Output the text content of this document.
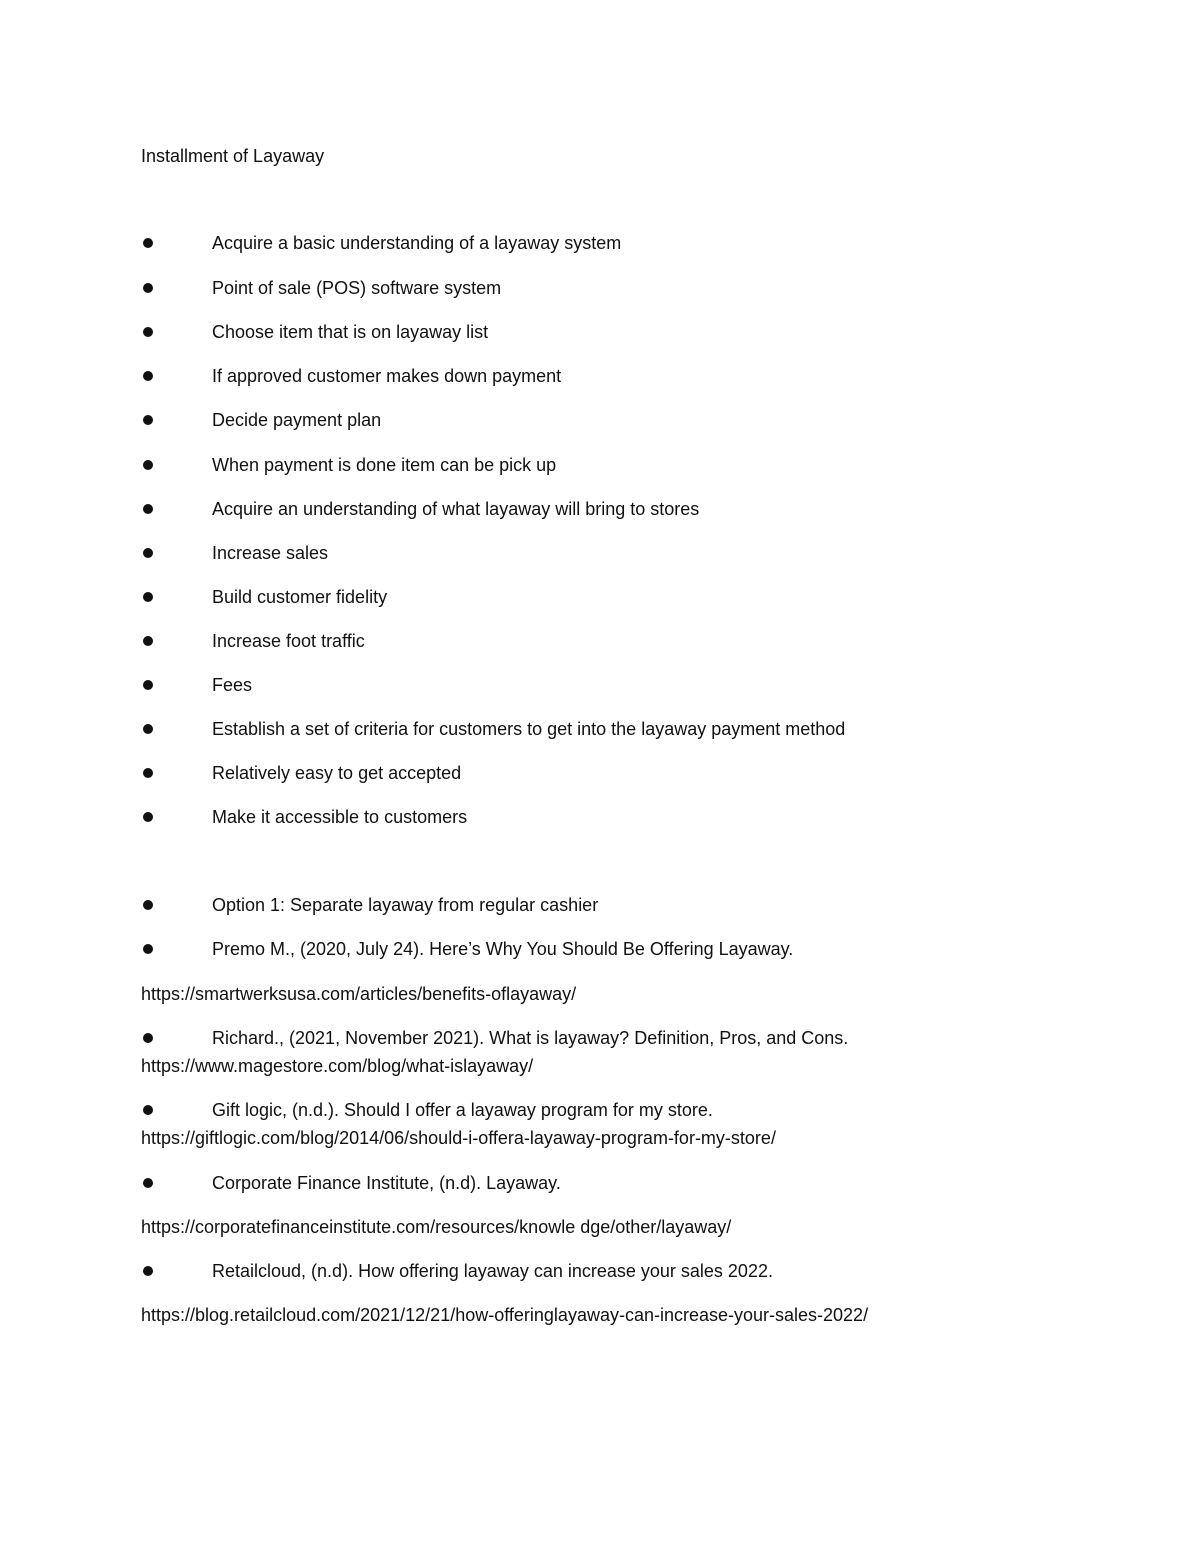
Installment of Layaway
Acquire a basic understanding of a layaway system
Point of sale (POS) software system
Choose item that is on layaway list
If approved customer makes down payment
Decide payment plan
When payment is done item can be pick up
Acquire an understanding of what layaway will bring to stores
Increase sales
Build customer fidelity
Increase foot traffic
Fees
Establish a set of criteria for customers to get into the layaway payment method
Relatively easy to get accepted
Make it accessible to customers
Option 1: Separate layaway from regular cashier
Premo M., (2020, July 24). Here’s Why You Should Be Offering Layaway.
https://smartwerksusa.com/articles/benefits-oflayaway/
Richard., (2021, November 2021). What is layaway? Definition, Pros, and Cons.
https://www.magestore.com/blog/what-islayaway/
Gift logic, (n.d.). Should I offer a layaway program for my store.
https://giftlogic.com/blog/2014/06/should-i-offera-layaway-program-for-my-store/
Corporate Finance Institute, (n.d). Layaway.
https://corporatefinanceinstitute.com/resources/knowle dge/other/layaway/
Retailcloud, (n.d). How offering layaway can increase your sales 2022.
https://blog.retailcloud.com/2021/12/21/how-offeringlayaway-can-increase-your-sales-2022/
